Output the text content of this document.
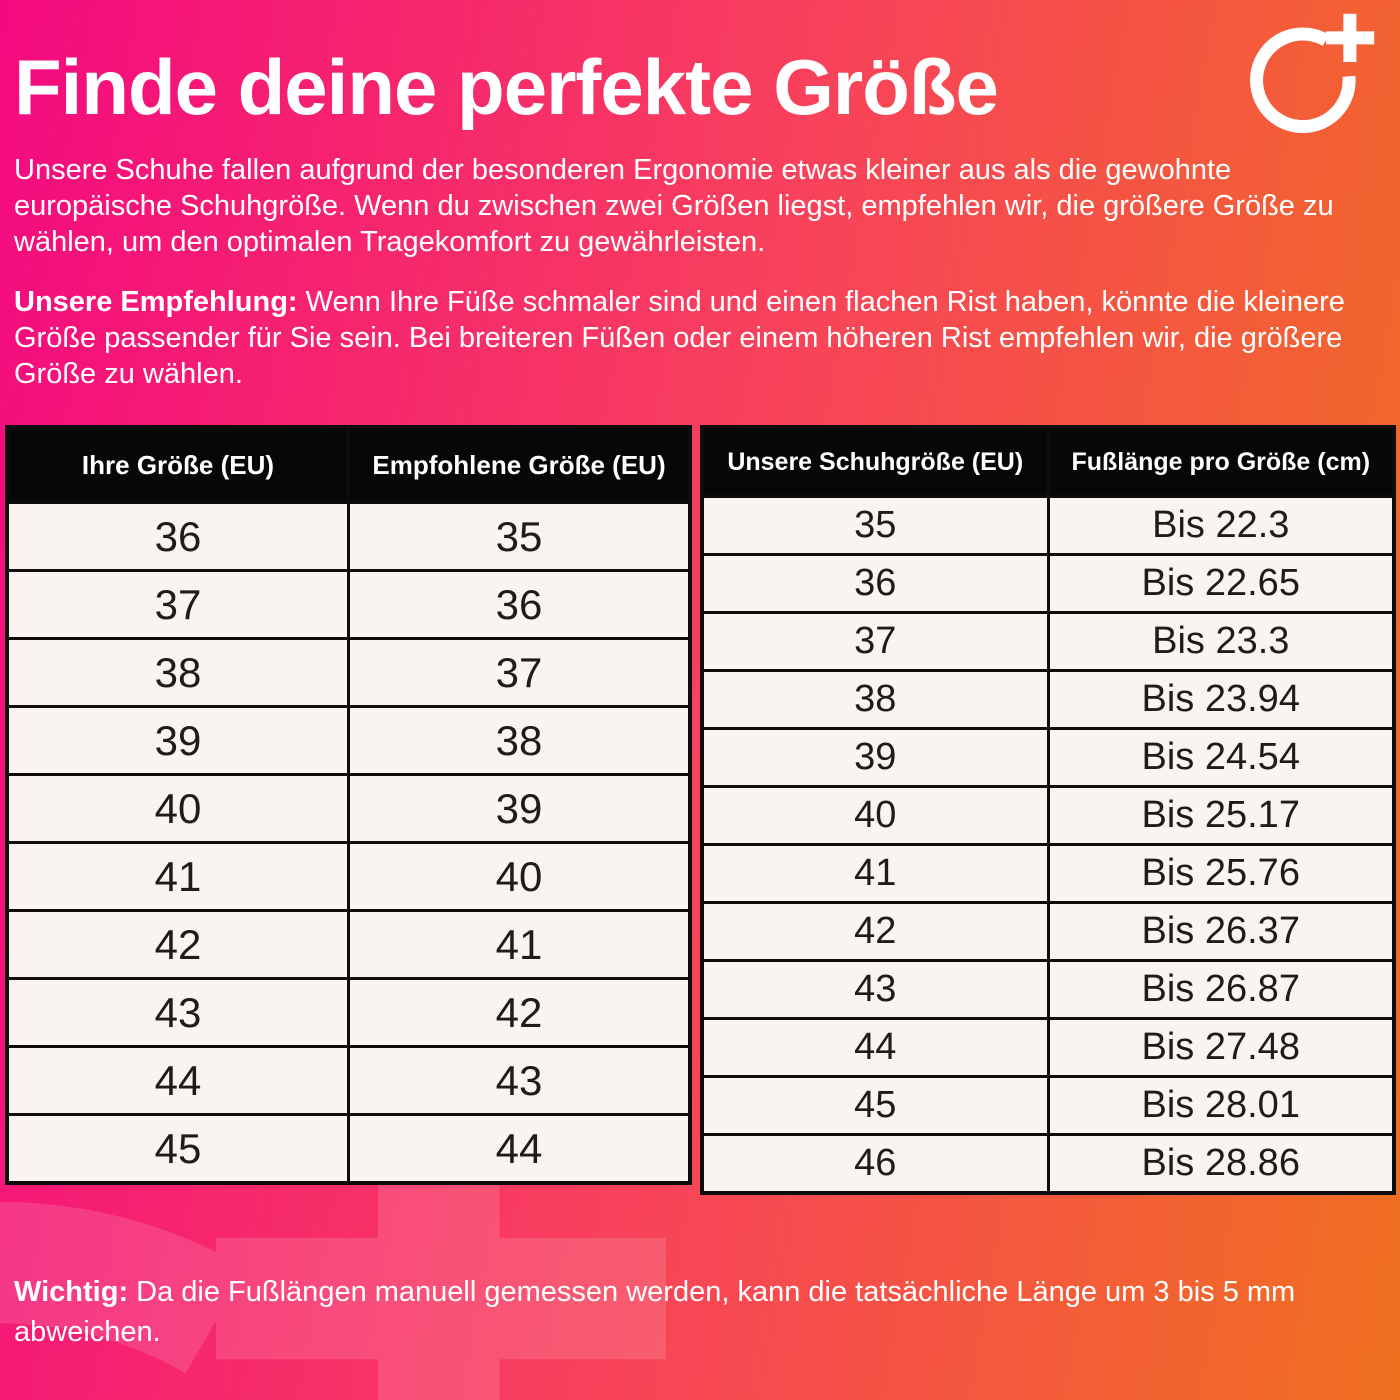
Finde deine perfekte Größe
Unsere Schuhe fallen aufgrund der besonderen Ergonomie etwas kleiner aus als die gewohnte europäische Schuhgröße. Wenn du zwischen zwei Größen liegst, empfehlen wir, die größere Größe zu wählen, um den optimalen Tragekomfort zu gewährleisten.
Unsere Empfehlung: Wenn Ihre Füße schmaler sind und einen flachen Rist haben, könnte die kleinere Größe passender für Sie sein. Bei breiteren Füßen oder einem höheren Rist empfehlen wir, die größere Größe zu wählen.
Ihre Größe (EU)	Empfohlene Größe (EU)
36	35
37	36
38	37
39	38
40	39
41	40
42	41
43	42
44	43
45	44
Unsere Schuhgröße (EU)	Fußlänge pro Größe (cm)
35	Bis 22.3
36	Bis 22.65
37	Bis 23.3
38	Bis 23.94
39	Bis 24.54
40	Bis 25.17
41	Bis 25.76
42	Bis 26.37
43	Bis 26.87
44	Bis 27.48
45	Bis 28.01
46	Bis 28.86
Wichtig: Da die Fußlängen manuell gemessen werden, kann die tatsächliche Länge um 3 bis 5 mm abweichen.
